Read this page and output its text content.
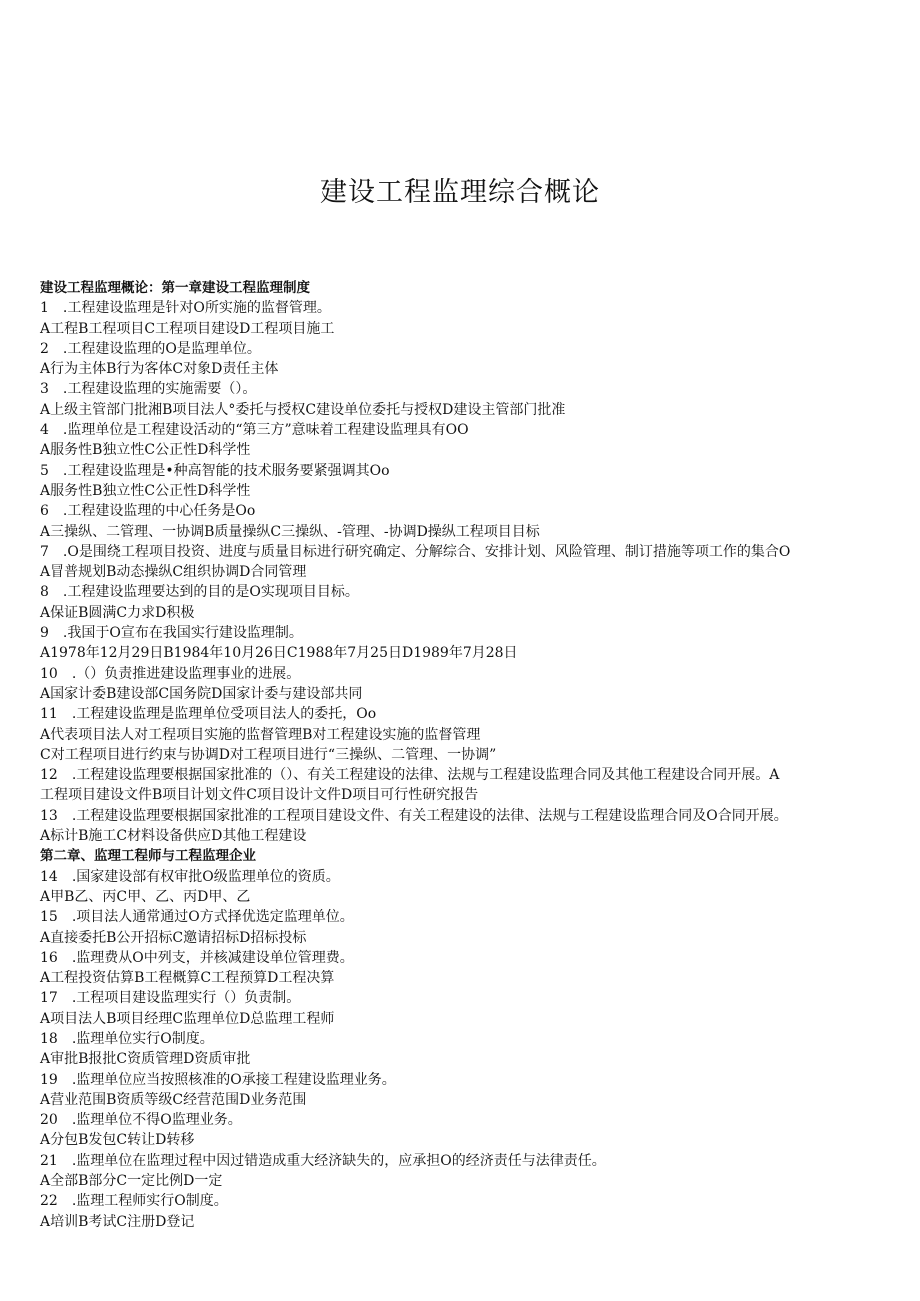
建设工程监理综合概论

建设工程监理概论：第一章建设工程监理制度

1　.工程建设监理是针对O所实施的监督管理。

A工程B工程项目C工程项目建设D工程项目施工

2　.工程建设监理的O是监理单位。

A行为主体B行为客体C对象D责任主体

3　.工程建设监理的实施需要（）。

A上级主管部门批湘B项目法人°委托与授权C建设单位委托与授权D建设主管部门批准

4　.监理单位是工程建设活动的“第三方”意味着工程建设监理具有OO

A服务性B独立性C公正性D科学性

5　.工程建设监理是•种高智能的技术服务要紧强调其Oo

A服务性B独立性C公正性D科学性

6　.工程建设监理的中心任务是Oo

A三操纵、二管理、一协调B质量操纵C三操纵、-管理、-协调D操纵工程项目目标

7　.O是围绕工程项目投资、进度与质量目标进行研究确定、分解综合、安排计划、风险管理、制订措施等项工作的集合O

A冒普规划B动态操纵C组织协调D合同管理

8　.工程建设监理要达到的目的是O实现项目目标。

A保证B圆满C力求D积极

9　.我国于O宣布在我国实行建设监理制。

A1978年12月29日B1984年10月26日C1988年7月25日D1989年7月28日

10　.（）负责推进建设监理事业的进展。

A国家计委B建设部C国务院D国家计委与建设部共同

11　.工程建设监理是监理单位受项目法人的委托，Oo

A代表项目法人对工程项目实施的监督管理B对工程建设实施的监督管理

C对工程项目进行约束与协调D对工程项目进行“三操纵、二管理、一协调”

12　.工程建设监理要根据国家批准的（）、有关工程建设的法律、法规与工程建设监理合同及其他工程建设合同开展。A

工程项目建设文件B项目计划文件C项目设计文件D项目可行性研究报告

13　.工程建设监理要根据国家批准的工程项目建设文件、有关工程建设的法律、法规与工程建设监理合同及O合同开展。

A标计B施工C材料设备供应D其他工程建设

第二章、监理工程师与工程监理企业

14　.国家建设部有权审批O级监理单位的资质。

A甲B乙、丙C甲、乙、丙D甲、乙

15　.项目法人通常通过O方式择优选定监理单位。

A直接委托B公开招标C邀请招标D招标投标

16　.监理费从O中列支，并核减建设单位管理费。

A工程投资估算B工程概算C工程预算D工程决算

17　.工程项目建设监理实行（）负责制。

A项目法人B项目经理C监理单位D总监理工程师

18　.监理单位实行O制度。

A审批B报批C资质管理D资质审批

19　.监理单位应当按照核准的O承接工程建设监理业务。

A营业范围B资质等级C经营范围D业务范围

20　.监理单位不得O监理业务。

A分包B发包C转让D转移

21　.监理单位在监理过程中因过错造成重大经济缺失的，应承担O的经济责任与法律责任。

A全部B部分C一定比例D一定

22　.监理工程师实行O制度。

A培训B考试C注册D登记
